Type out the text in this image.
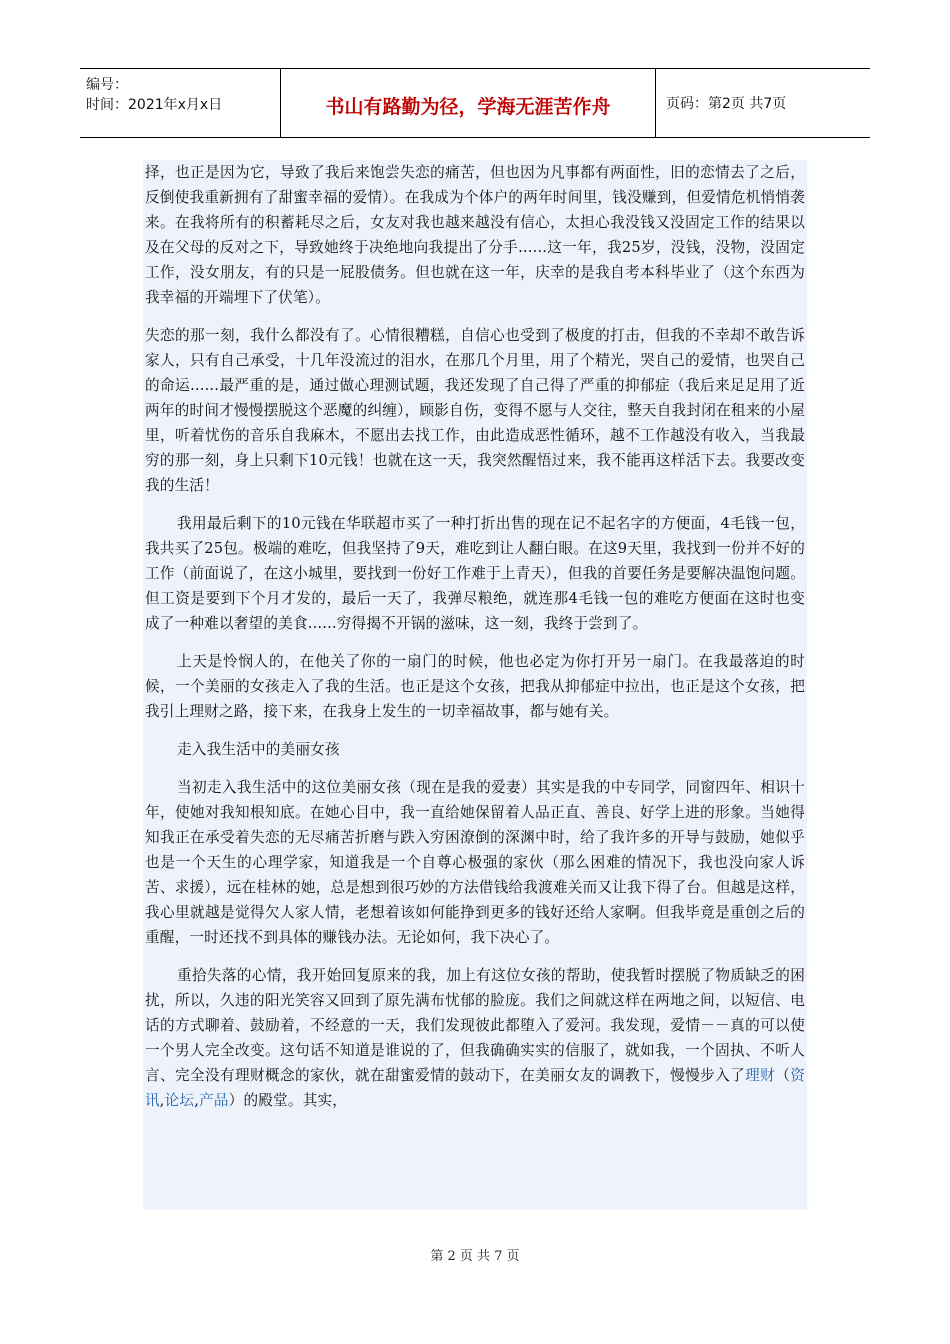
编号：
时间：2021年x月x日	书山有路勤为径，学海无涯苦作舟	页码：第2页 共7页

择，也正是因为它，导致了我后来饱尝失恋的痛苦，但也因为凡事都有两面性，旧的恋情去了之后，反倒使我重新拥有了甜蜜幸福的爱情）。在我成为个体户的两年时间里，钱没赚到，但爱情危机悄悄袭来。在我将所有的积蓄耗尽之后，女友对我也越来越没有信心，太担心我没钱又没固定工作的结果以及在父母的反对之下，导致她终于决绝地向我提出了分手......这一年，我25岁，没钱，没物，没固定工作，没女朋友，有的只是一屁股债务。但也就在这一年，庆幸的是我自考本科毕业了（这个东西为我幸福的开端埋下了伏笔）。

失恋的那一刻，我什么都没有了。心情很糟糕，自信心也受到了极度的打击，但我的不幸却不敢告诉家人，只有自己承受，十几年没流过的泪水，在那几个月里，用了个精光，哭自己的爱情，也哭自己的命运......最严重的是，通过做心理测试题，我还发现了自己得了严重的抑郁症（我后来足足用了近两年的时间才慢慢摆脱这个恶魔的纠缠），顾影自伤，变得不愿与人交往，整天自我封闭在租来的小屋里，听着忧伤的音乐自我麻木，不愿出去找工作，由此造成恶性循环，越不工作越没有收入，当我最穷的那一刻，身上只剩下10元钱！也就在这一天，我突然醒悟过来，我不能再这样活下去。我要改变我的生活！

我用最后剩下的10元钱在华联超市买了一种打折出售的现在记不起名字的方便面，4毛钱一包，我共买了25包。极端的难吃，但我坚持了9天，难吃到让人翻白眼。在这9天里，我找到一份并不好的工作（前面说了，在这小城里，要找到一份好工作难于上青天），但我的首要任务是要解决温饱问题。但工资是要到下个月才发的，最后一天了，我弹尽粮绝，就连那4毛钱一包的难吃方便面在这时也变成了一种难以奢望的美食......穷得揭不开锅的滋味，这一刻，我终于尝到了。

上天是怜悯人的，在他关了你的一扇门的时候，他也必定为你打开另一扇门。在我最落迫的时候，一个美丽的女孩走入了我的生活。也正是这个女孩，把我从抑郁症中拉出，也正是这个女孩，把我引上理财之路，接下来，在我身上发生的一切幸福故事，都与她有关。

走入我生活中的美丽女孩

当初走入我生活中的这位美丽女孩（现在是我的爱妻）其实是我的中专同学，同窗四年、相识十年，使她对我知根知底。在她心目中，我一直给她保留着人品正直、善良、好学上进的形象。当她得知我正在承受着失恋的无尽痛苦折磨与跌入穷困潦倒的深渊中时，给了我许多的开导与鼓励，她似乎也是一个天生的心理学家，知道我是一个自尊心极强的家伙（那么困难的情况下，我也没向家人诉苦、求援），远在桂林的她，总是想到很巧妙的方法借钱给我渡难关而又让我下得了台。但越是这样，我心里就越是觉得欠人家人情，老想着该如何能挣到更多的钱好还给人家啊。但我毕竟是重创之后的重醒，一时还找不到具体的赚钱办法。无论如何，我下决心了。

重拾失落的心情，我开始回复原来的我，加上有这位女孩的帮助，使我暂时摆脱了物质缺乏的困扰，所以，久违的阳光笑容又回到了原先满布忧郁的脸庞。我们之间就这样在两地之间，以短信、电话的方式聊着、鼓励着，不经意的一天，我们发现彼此都堕入了爱河。我发现，爱情－－真的可以使一个男人完全改变。这句话不知道是谁说的了，但我确确实实的信服了，就如我，一个固执、不听人言、完全没有理财概念的家伙，就在甜蜜爱情的鼓动下，在美丽女友的调教下，慢慢步入了理财（资讯,论坛,产品）的殿堂。其实，

第 2 页 共 7 页
